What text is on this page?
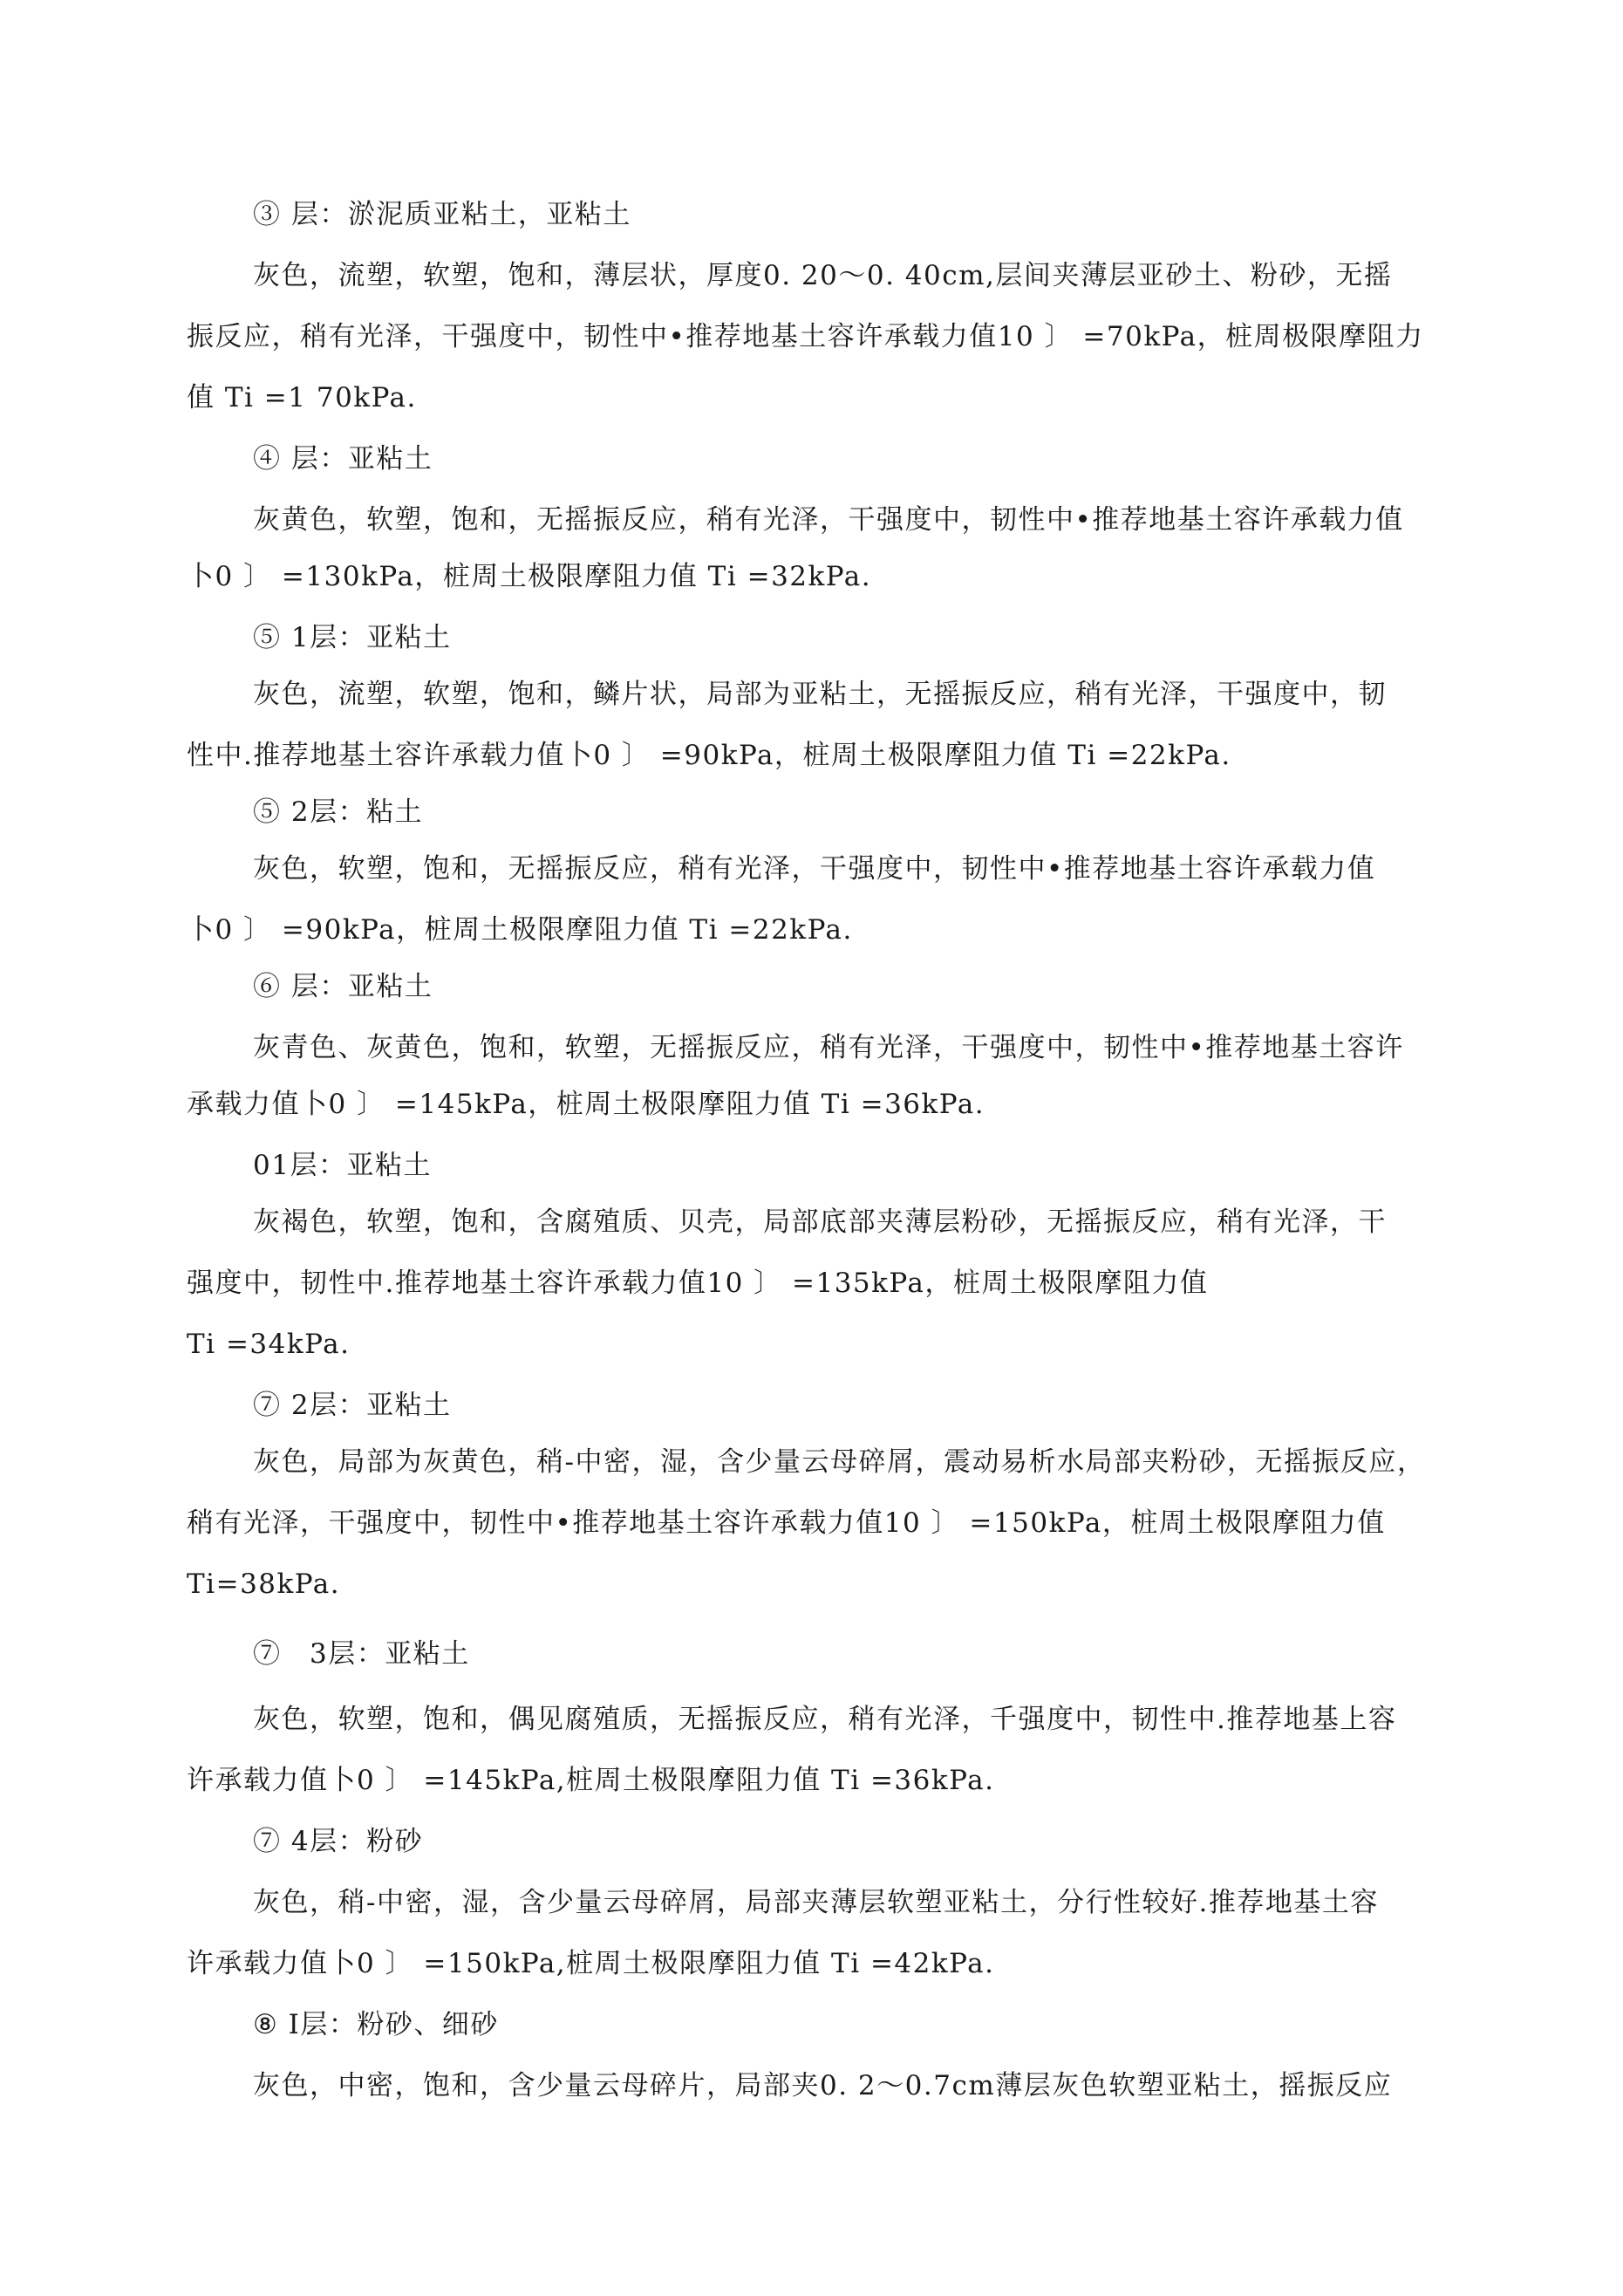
③ 层：淤泥质亚粘土，亚粘土

灰色，流塑，软塑，饱和，薄层状，厚度0. 20～0. 40cm,层间夹薄层亚砂土、粉砂，无摇

振反应，稍有光泽，干强度中，韧性中•推荐地基土容许承载力值10 〕 =70kPa，桩周极限摩阻力

值 Ti =1 70kPa.

④ 层：亚粘土

灰黄色，软塑，饱和，无摇振反应，稍有光泽，干强度中，韧性中•推荐地基土容许承载力值

卜0 〕 =130kPa，桩周土极限摩阻力值 Ti =32kPa.

⑤ 1层：亚粘土

灰色，流塑，软塑，饱和，鳞片状，局部为亚粘土，无摇振反应，稍有光泽，干强度中，韧

性中.推荐地基土容许承载力值卜0 〕 =90kPa，桩周土极限摩阻力值 Ti =22kPa.

⑤ 2层：粘土

灰色，软塑，饱和，无摇振反应，稍有光泽，干强度中，韧性中•推荐地基土容许承载力值

卜0 〕 =90kPa，桩周土极限摩阻力值 Ti =22kPa.

⑥ 层：亚粘土

灰青色、灰黄色，饱和，软塑，无摇振反应，稍有光泽，干强度中，韧性中•推荐地基土容许

承载力值卜0 〕 =145kPa，桩周土极限摩阻力值 Ti =36kPa.

01层：亚粘土

灰褐色，软塑，饱和，含腐殖质、贝壳，局部底部夹薄层粉砂，无摇振反应，稍有光泽，干

强度中，韧性中.推荐地基土容许承载力值10 〕 =135kPa，桩周土极限摩阻力值

Ti =34kPa.

⑦ 2层：亚粘土

灰色，局部为灰黄色，稍-中密，湿，含少量云母碎屑，震动易析水局部夹粉砂，无摇振反应，

稍有光泽，干强度中，韧性中•推荐地基土容许承载力值10 〕 =150kPa，桩周土极限摩阻力值

Ti=38kPa.

⑦　3层：亚粘土

灰色，软塑，饱和，偶见腐殖质，无摇振反应，稍有光泽，千强度中，韧性中.推荐地基上容

许承载力值卜0 〕 =145kPa,桩周土极限摩阻力值 Ti =36kPa.

⑦ 4层：粉砂

灰色，稍-中密，湿，含少量云母碎屑，局部夹薄层软塑亚粘土，分行性较好.推荐地基土容

许承载力值卜0 〕 =150kPa,桩周土极限摩阻力值 Ti =42kPa.

⑧ I层：粉砂、细砂

灰色，中密，饱和，含少量云母碎片，局部夹0. 2～0.7cm薄层灰色软塑亚粘土，摇振反应
